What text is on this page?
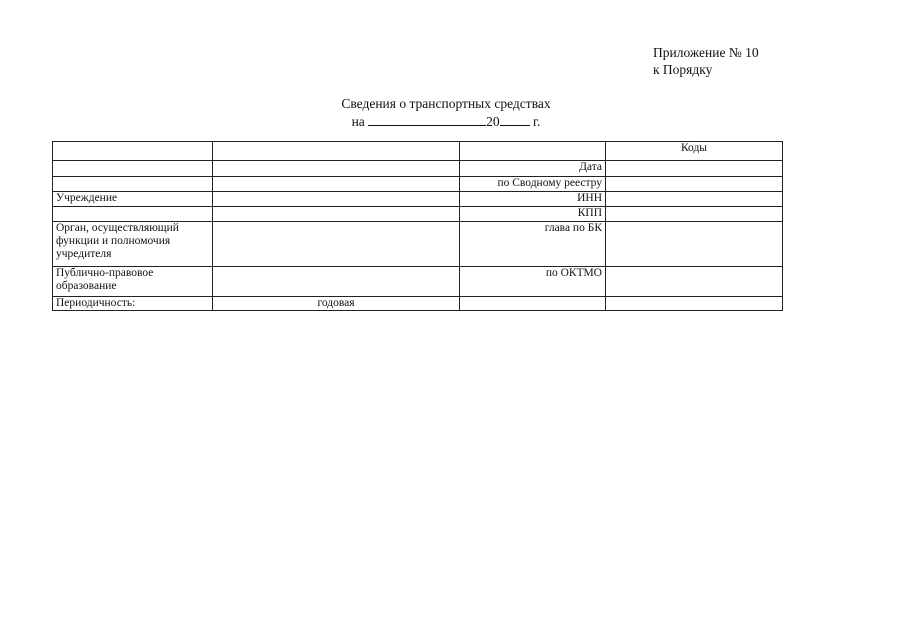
Приложение № 10
к Порядку
Сведения о транспортных средствах
на	20 г.
			Коды
		Дата	
		по Сводному реестру	
Учреждение		ИНН	
		КПП	
Орган, осуществляющий функции и полномочия учредителя		глава по БК	
Публично-правовое образование		по ОКТМО	
Периодичность:	годовая		
